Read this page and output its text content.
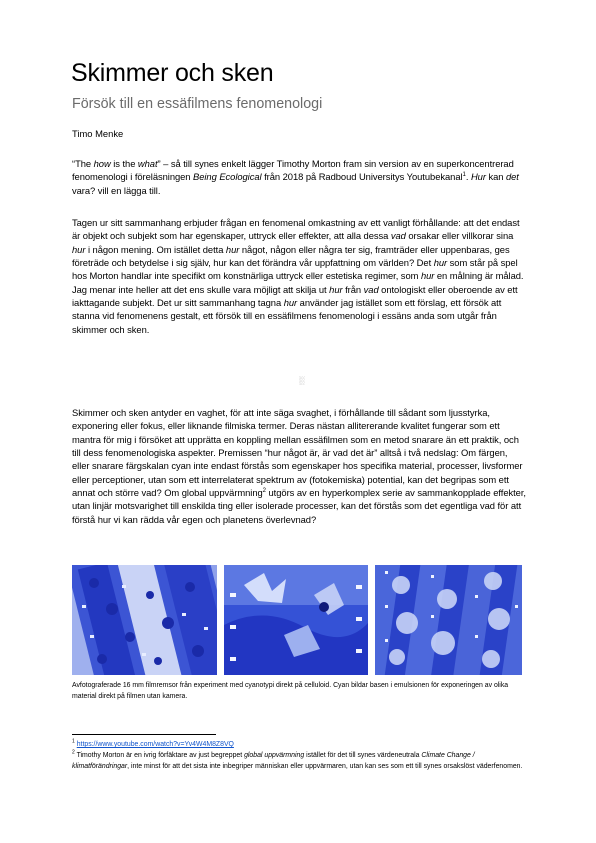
Skimmer och sken
Försök till en essäfilmens fenomenologi
Timo Menke

“The how is the what” – så till synes enkelt lägger Timothy Morton fram sin version av en superkoncentrerad fenomenologi i föreläsningen Being Ecological från 2018 på Radboud Universitys Youtubekanal$^1$. Hur kan det vara? vill en lägga till.

Tagen ur sitt sammanhang erbjuder frågan en fenomenal omkastning av ett vanligt förhållande: att det endast är objekt och subjekt som har egenskaper, uttryck eller effekter, att alla dessa vad orsakar eller villkorar sina hur i någon mening. Om istället detta hur något, någon eller några ter sig, framträder eller uppenbaras, ges företräde och betydelse i sig själv, hur kan det förändra vår uppfattning om världen? Det hur som står på spel hos Morton handlar inte specifikt om konstnärliga uttryck eller estetiska regimer, som hur en målning är målad. Jag menar inte heller att det ens skulle vara möjligt att skilja ut hur från vad ontologiskt eller oberoende av ett iakttagande subjekt. Det ur sitt sammanhang tagna hur använder jag istället som ett förslag, ett försök att stanna vid fenomenens gestalt, ett försök till en essäfilmens fenomenologi i essäns anda som utgår från skimmer och sken.

░

Skimmer och sken antyder en vaghet, för att inte säga svaghet, i förhållande till sådant som ljusstyrka, exponering eller fokus, eller liknande filmiska termer. Deras nästan allitererande kvalitet fungerar som ett mantra för mig i försöket att upprätta en koppling mellan essäfilmen som en metod snarare än ett praktik, och till dess fenomenologiska aspekter. Premissen “hur något är, är vad det är” alltså i två nedslag: Om färgen, eller snarare färgskalan cyan inte endast förstås som egenskaper hos specifika material, processer, livsformer eller perceptioner, utan som ett interrelaterat spektrum av (fotokemiska) potential, kan det begripas som ett annat och större vad? Om global uppvärmning$^2$ utgörs av en hyperkomplex serie av sammankopplade effekter, utan linjär motsvarighet till enskilda ting eller isolerade processer, kan det förstås som det egentliga vad för att förstå hur vi kan rädda vår egen och planetens överlevnad?

Avfotograferade 16 mm filmremsor från experiment med cyanotypi direkt på celluloid. Cyan bildar basen i emulsionen för exponeringen av olika material direkt på filmen utan kamera.

$^1$ https://www.youtube.com/watch?v=Yv4W4M8Z8VQ

$^2$ Timothy Morton är en ivrig förfäktare av just begreppet global uppvärmning istället för det till synes värdeneutrala Climate Change / klimatförändringar, inte minst för att det sista inte inbegriper människan eller uppvärmaren, utan kan ses som ett till synes orsakslöst väderfenomen.
